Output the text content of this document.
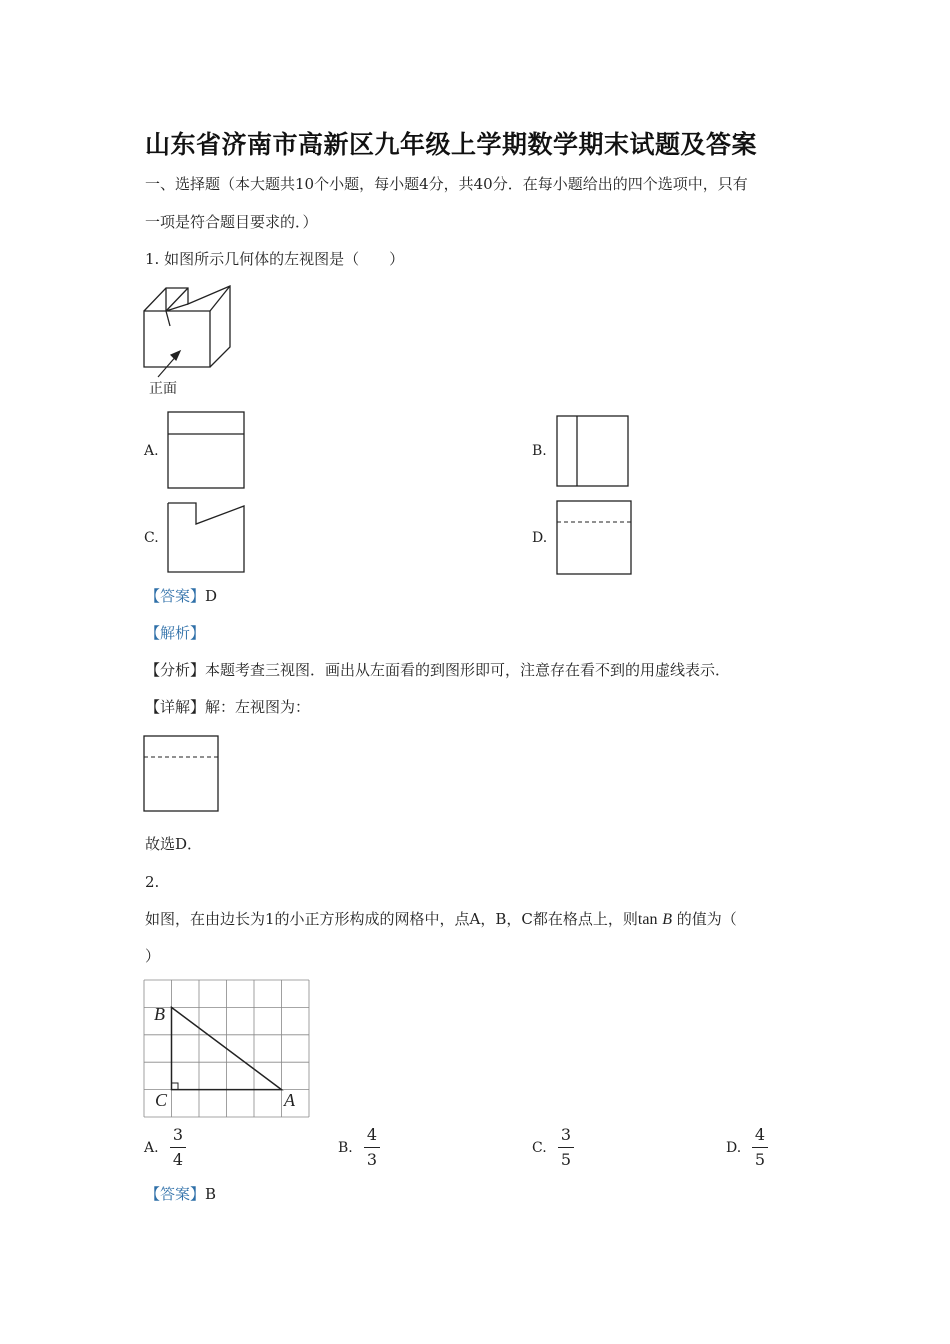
山东省济南市高新区九年级上学期数学期末试题及答案
一、选择题（本大题共10个小题，每小题4分，共40分．在每小题给出的四个选项中，只有
一项是符合题目要求的．）
1. 如图所示几何体的左视图是（　　）
正面
A.	B.
C.	D.
【答案】D
【解析】
【分析】本题考查三视图．画出从左面看的到图形即可，注意存在看不到的用虚线表示．
【详解】解：左视图为：
故选D．
2.
如图，在由边长为1的小正方形构成的网格中，点A，B，C都在格点上，则tan B 的值为（
）
B
C	A
A.
3
4
B.
4
3
C.
3
5
D.
4
5
【答案】B
